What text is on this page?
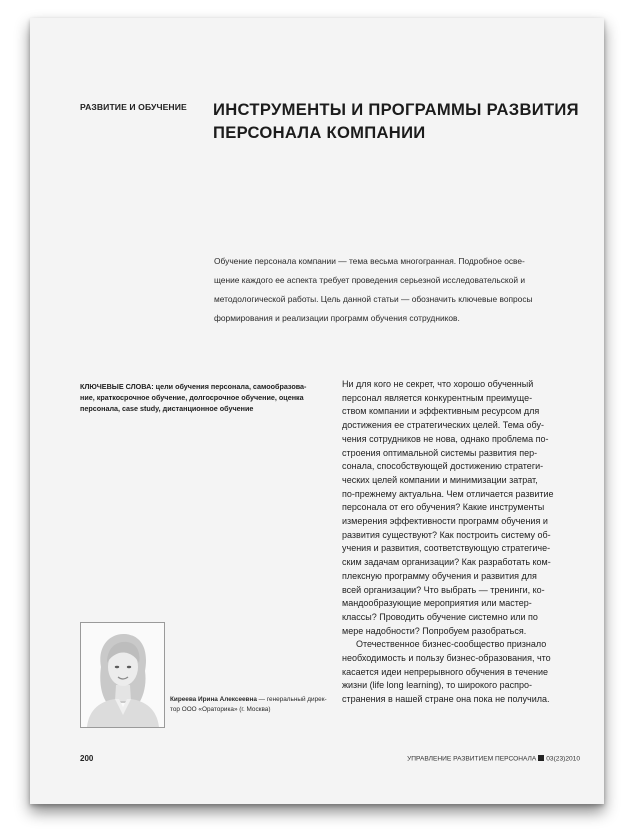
РАЗВИТИЕ И ОБУЧЕНИЕ ИНСТРУМЕНТЫ И ПРОГРАММЫ РАЗВИТИЯ
ПЕРСОНАЛА КОМПАНИИ
Обучение персонала компании — тема весьма многогранная. Подробное осве-
щение каждого ее аспекта требует проведения серьезной исследовательской и
методологической работы. Цель данной статьи — обозначить ключевые вопросы
формирования и реализации программ обучения сотрудников.
КЛЮЧЕВЫЕ СЛОВА: цели обучения персонала, самообразова-
ние, краткосрочное обучение, долгосрочное обучение, оценка
персонала, case study, дистанционное обучение
Ни для кого не секрет, что хорошо обученный
персонал является конкурентным преимуще-
ством компании и эффективным ресурсом для
достижения ее стратегических целей. Тема обу-
чения сотрудников не нова, однако проблема по-
строения оптимальной системы развития пер-
сонала, способствующей достижению стратеги-
ческих целей компании и минимизации затрат,
по-прежнему актуальна. Чем отличается развитие
персонала от его обучения? Какие инструменты
измерения эффективности программ обучения и
развития существуют? Как построить систему об-
учения и развития, соответствующую стратегиче-
ским задачам организации? Как разработать ком-
плексную программу обучения и развития для
всей организации? Что выбрать — тренинги, ко-
мандообразующие мероприятия или мастер-
классы? Проводить обучение системно или по
мере надобности? Попробуем разобраться.
Отечественное бизнес-сообщество признало
необходимость и пользу бизнес-образования, что
касается идеи непрерывного обучения в течение
жизни (life long learning), то широкого распро-
странения в нашей стране она пока не получила.
Киреева Ирина Алексеевна — генеральный дирек-
тор ООО «Ораторика» (г. Москва)
200	УПРАВЛЕНИЕ РАЗВИТИЕМ ПЕРСОНАЛА 03(23)2010
